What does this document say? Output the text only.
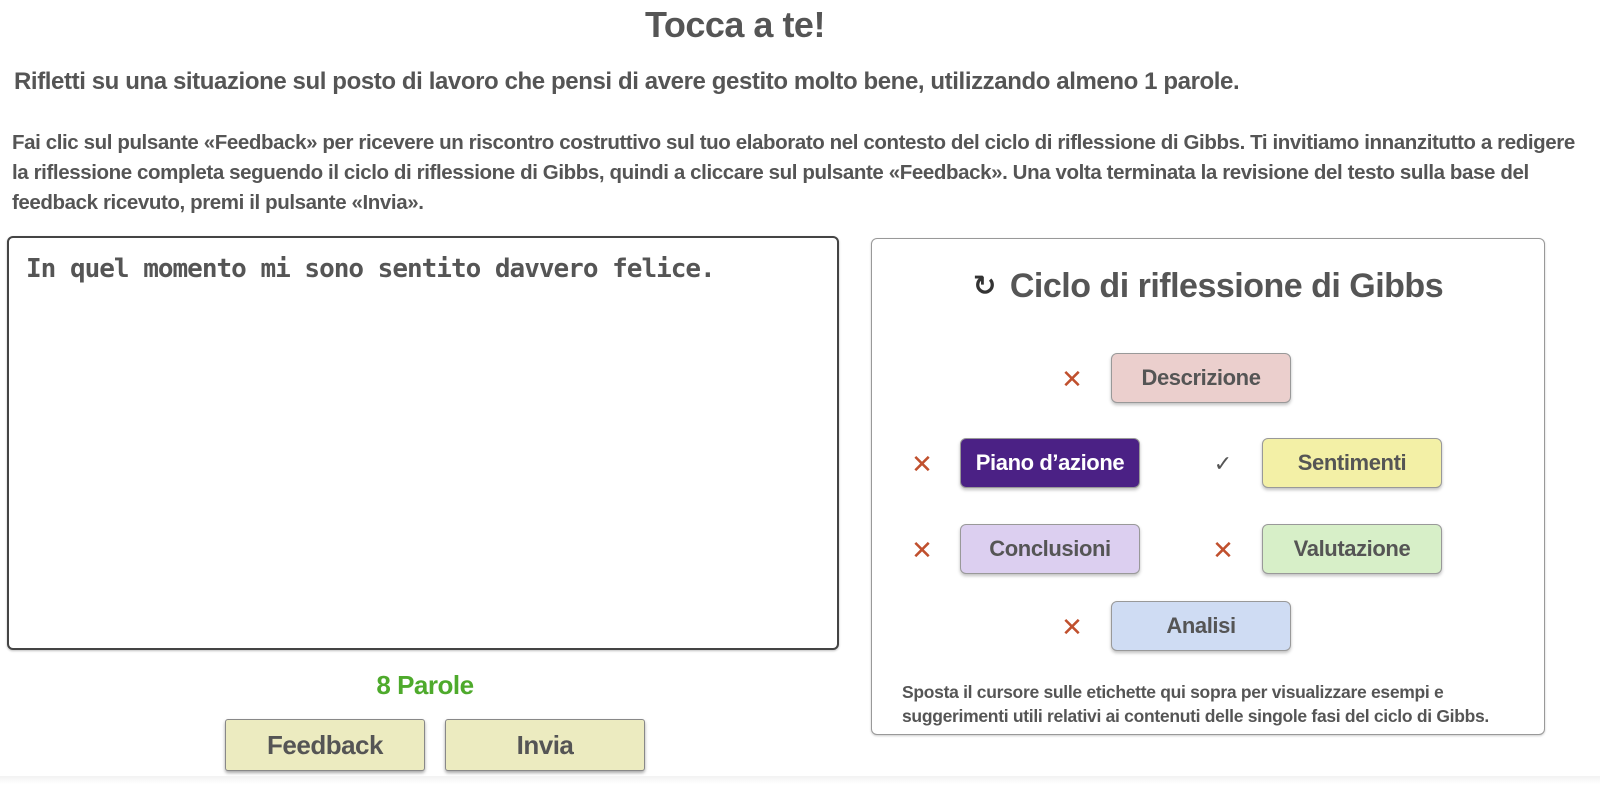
Tocca a te!
Rifletti su una situazione sul posto di lavoro che pensi di avere gestito molto bene, utilizzando almeno 1 parole.
Fai clic sul pulsante «Feedback» per ricevere un riscontro costruttivo sul tuo elaborato nel contesto del ciclo di riflessione di Gibbs. Ti invitiamo innanzitutto a redigere la riflessione completa seguendo il ciclo di riflessione di Gibbs, quindi a cliccare sul pulsante «Feedback». Una volta terminata la revisione del testo sulla base del feedback ricevuto, premi il pulsante «Invia».
In quel momento mi sono sentito davvero felice.
8 Parole
Feedback	Invia
↻ Ciclo di riflessione di Gibbs
✕	Descrizione
✕	Piano d’azione	✓	Sentimenti
✕	Conclusioni	✕	Valutazione
✕	Analisi
Sposta il cursore sulle etichette qui sopra per visualizzare esempi e suggerimenti utili relativi ai contenuti delle singole fasi del ciclo di Gibbs.
